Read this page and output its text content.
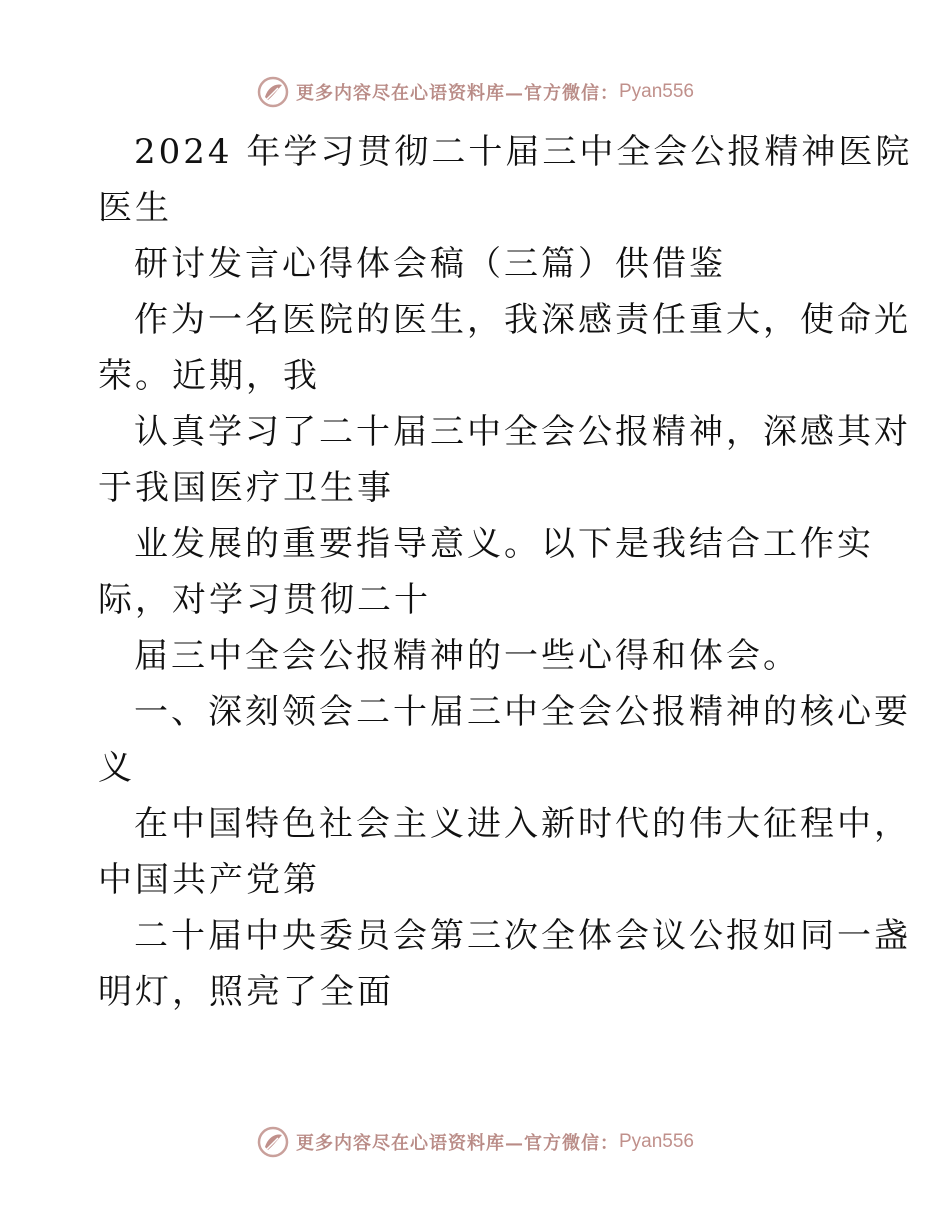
更多内容尽在心语资料库—官方微信： Pyan556
2024 年学习贯彻二十届三中全会公报精神医院
医生
研讨发言心得体会稿（三篇）供借鉴
作为一名医院的医生，我深感责任重大，使命光
荣。近期，我
认真学习了二十届三中全会公报精神，深感其对
于我国医疗卫生事
业发展的重要指导意义。以下是我结合工作实
际，对学习贯彻二十
届三中全会公报精神的一些心得和体会。
一、深刻领会二十届三中全会公报精神的核心要
义
在中国特色社会主义进入新时代的伟大征程中，
中国共产党第
二十届中央委员会第三次全体会议公报如同一盏
明灯，照亮了全面
更多内容尽在心语资料库—官方微信： Pyan556
